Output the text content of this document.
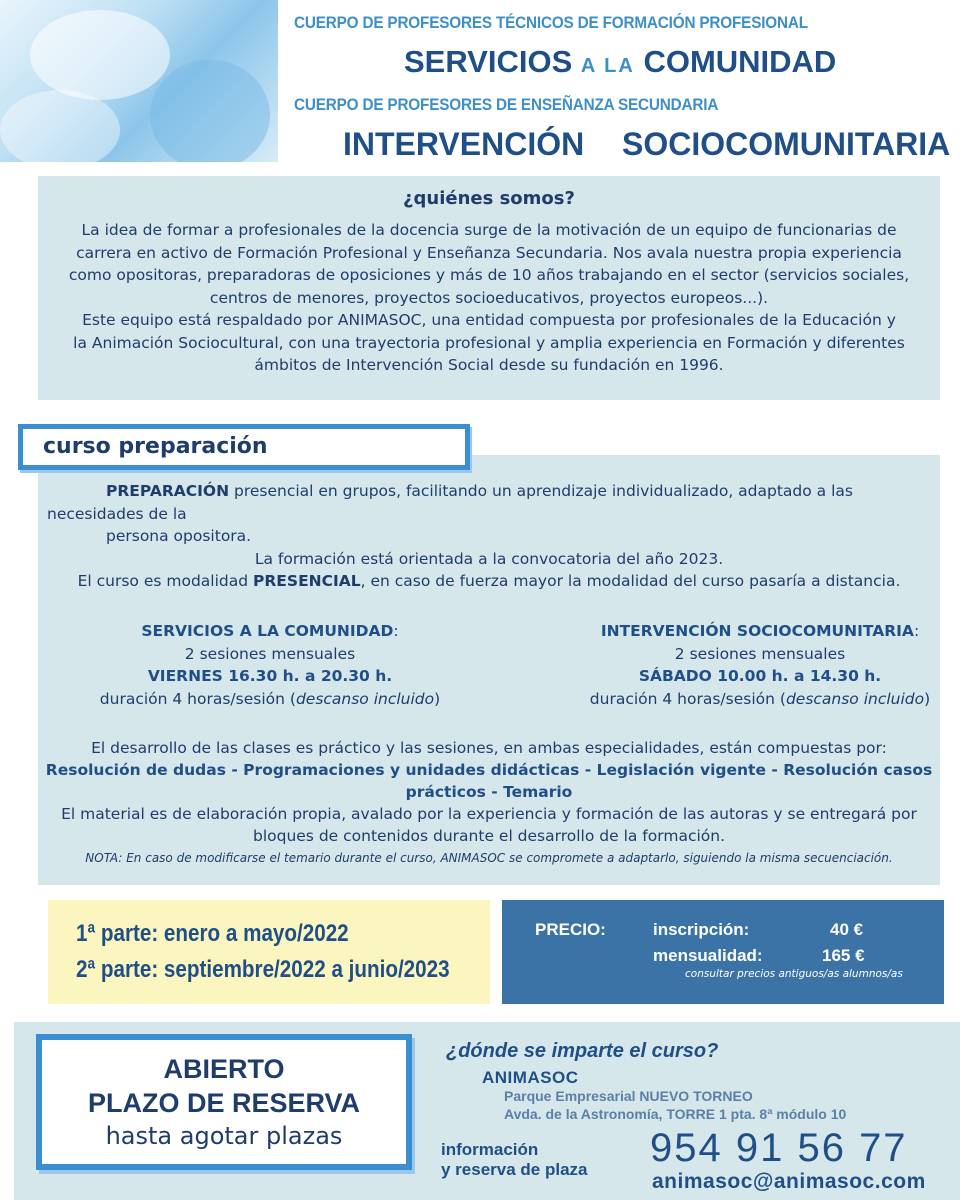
CUERPO DE PROFESORES TÉCNICOS DE FORMACIÓN PROFESIONAL
SERVICIOS A LA COMUNIDAD
CUERPO DE PROFESORES DE ENSEÑANZA SECUNDARIA
INTERVENCIÓN SOCIOCOMUNITARIA
¿quiénes somos?
La idea de formar a profesionales de la docencia surge de la motivación de un equipo de funcionarias de
carrera en activo de Formación Profesional y Enseñanza Secundaria. Nos avala nuestra propia experiencia
como opositoras, preparadoras de oposiciones y más de 10 años trabajando en el sector (servicios sociales,
centros de menores, proyectos socioeducativos, proyectos europeos...).
Este equipo está respaldado por ANIMASOC, una entidad compuesta por profesionales de la Educación y
la Animación Sociocultural, con una trayectoria profesional y amplia experiencia en Formación y diferentes
ámbitos de Intervención Social desde su fundación en 1996.
curso preparación
PREPARACIÓN presencial en grupos, facilitando un aprendizaje individualizado, adaptado a las
necesidades de la
persona opositora.
La formación está orientada a la convocatoria del año 2023.
El curso es modalidad PRESENCIAL, en caso de fuerza mayor la modalidad del curso pasaría a distancia.
SERVICIOS A LA COMUNIDAD:
2 sesiones mensuales
VIERNES 16.30 h. a 20.30 h.
duración 4 horas/sesión (descanso incluido)
INTERVENCIÓN SOCIOCOMUNITARIA:
2 sesiones mensuales
SÁBADO 10.00 h. a 14.30 h.
duración 4 horas/sesión (descanso incluido)
El desarrollo de las clases es práctico y las sesiones, en ambas especialidades, están compuestas por:
Resolución de dudas - Programaciones y unidades didácticas - Legislación vigente - Resolución casos
prácticos - Temario
El material es de elaboración propia, avalado por la experiencia y formación de las autoras y se entregará por
bloques de contenidos durante el desarrollo de la formación.
NOTA: En caso de modificarse el temario durante el curso, ANIMASOC se compromete a adaptarlo, siguiendo la misma secuenciación.
1ª parte: enero a mayo/2022
2ª parte: septiembre/2022 a junio/2023
PRECIO:	inscripción:	40 €
mensualidad:	165 €
consultar precios antiguos/as alumnos/as
ABIERTO
PLAZO DE RESERVA
hasta agotar plazas
¿dónde se imparte el curso?
ANIMASOC
Parque Empresarial NUEVO TORNEO
Avda. de la Astronomía, TORRE 1 pta. 8ª módulo 10
información
y reserva de plaza 954 91 56 77
animasoc@animasoc.com
